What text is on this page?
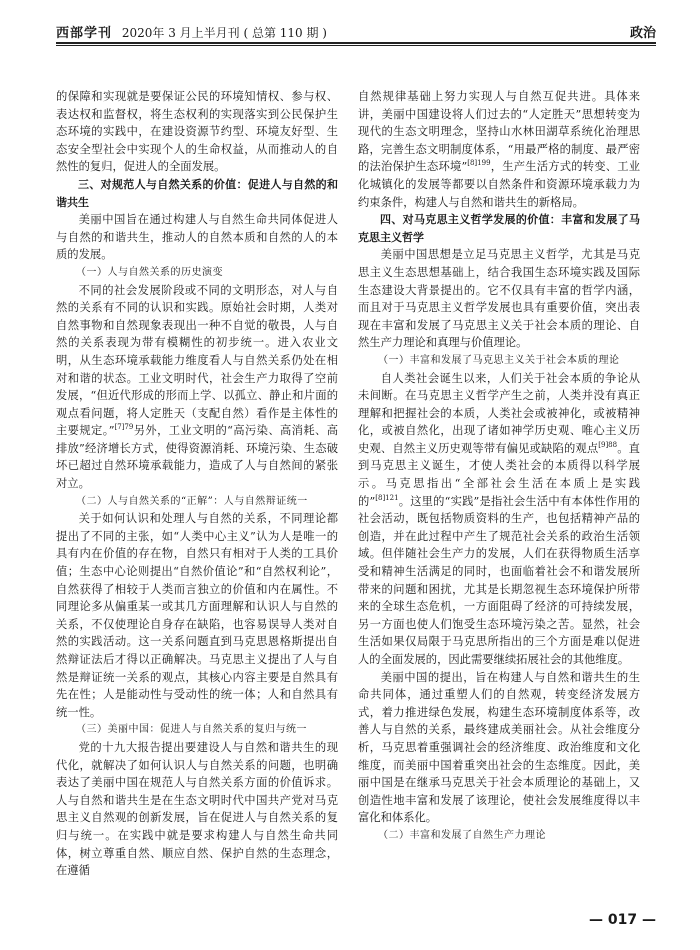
西部学刊 2020年 3 月上半月刊 ( 总第 110 期 )	政治

的保障和实现就是要保证公民的环境知情权、参与权、表达权和监督权，将生态权利的实现落实到公民保护生态环境的实践中，在建设资源节约型、环境友好型、生态安全型社会中实现个人的生命权益，从而推动人的自然性的复归，促进人的全面发展。

三、对规范人与自然关系的价值：促进人与自然的和谐共生

美丽中国旨在通过构建人与自然生命共同体促进人与自然的和谐共生，推动人的自然本质和自然的人的本质的发展。

（一）人与自然关系的历史演变

不同的社会发展阶段或不同的文明形态，对人与自然的关系有不同的认识和实践。原始社会时期，人类对自然事物和自然现象表现出一种不自觉的敬畏，人与自然的关系表现为带有模糊性的初步统一。进入农业文明，从生态环境承载能力维度看人与自然关系仍处在相对和谐的状态。工业文明时代，社会生产力取得了空前发展，“但近代形成的形而上学、以孤立、静止和片面的观点看问题，将人定胜天（支配自然）看作是主体性的主要规定。”$^{[7]79}$另外，工业文明的“高污染、高消耗、高排放”经济增长方式，使得资源消耗、环境污染、生态破坏已超过自然环境承载能力，造成了人与自然间的紧张对立。

（二）人与自然关系的“正解”：人与自然辩证统一

关于如何认识和处理人与自然的关系，不同理论都提出了不同的主张，如“人类中心主义”认为人是唯一的具有内在价值的存在物，自然只有相对于人类的工具价值；生态中心论则提出“自然价值论”和“自然权利论”，自然获得了相较于人类而言独立的价值和内在属性。不同理论多从偏重某一或其几方面理解和认识人与自然的关系，不仅使理论自身存在缺陷，也容易误导人类对自然的实践活动。这一关系问题直到马克思恩格斯提出自然辩证法后才得以正确解决。马克思主义提出了人与自然是辩证统一关系的观点，其核心内容主要是自然具有先在性；人是能动性与受动性的统一体；人和自然具有统一性。

（三）美丽中国：促进人与自然关系的复归与统一

党的十九大报告提出要建设人与自然和谐共生的现代化，就解决了如何认识人与自然关系的问题，也明确表达了美丽中国在规范人与自然关系方面的价值诉求。人与自然和谐共生是在生态文明时代中国共产党对马克思主义自然观的创新发展，旨在促进人与自然关系的复归与统一。在实践中就是要求构建人与自然生命共同体，树立尊重自然、顺应自然、保护自然的生态理念，在遵循

自然规律基础上努力实现人与自然互促共进。具体来讲，美丽中国建设将人们过去的“人定胜天”思想转变为现代的生态文明理念，坚持山水林田湖草系统化治理思路，完善生态文明制度体系，“用最严格的制度、最严密的法治保护生态环境”$^{[8]199}$，生产生活方式的转变、工业化城镇化的发展等都要以自然条件和资源环境承载力为约束条件，构建人与自然和谐共生的新格局。

四、对马克思主义哲学发展的价值：丰富和发展了马克思主义哲学

美丽中国思想是立足马克思主义哲学，尤其是马克思主义生态思想基础上，结合我国生态环境实践及国际生态建设大背景提出的。它不仅具有丰富的哲学内涵，而且对于马克思主义哲学发展也具有重要价值，突出表现在丰富和发展了马克思主义关于社会本质的理论、自然生产力理论和真理与价值理论。

（一）丰富和发展了马克思主义关于社会本质的理论

自人类社会诞生以来，人们关于社会本质的争论从未间断。在马克思主义哲学产生之前，人类并没有真正理解和把握社会的本质，人类社会或被神化，或被精神化，或被自然化，出现了诸如神学历史观、唯心主义历史观、自然主义历史观等带有偏见或缺陷的观点$^{[9]88}$。直到马克思主义诞生，才使人类社会的本质得以科学展示。马克思指出“全部社会生活在本质上是实践的”$^{[8]121}$。这里的“实践”是指社会生活中有本体性作用的社会活动，既包括物质资料的生产，也包括精神产品的创造，并在此过程中产生了规范社会关系的政治生活领域。但伴随社会生产力的发展，人们在获得物质生活享受和精神生活满足的同时，也面临着社会不和谐发展所带来的问题和困扰，尤其是长期忽视生态环境保护所带来的全球生态危机，一方面阻碍了经济的可持续发展，另一方面也使人们饱受生态环境污染之苦。显然，社会生活如果仅局限于马克思所指出的三个方面是难以促进人的全面发展的，因此需要继续拓展社会的其他维度。

美丽中国的提出，旨在构建人与自然和谐共生的生命共同体，通过重塑人们的自然观，转变经济发展方式，着力推进绿色发展，构建生态环境制度体系等，改善人与自然的关系，最终建成美丽社会。从社会维度分析，马克思着重强调社会的经济维度、政治维度和文化维度，而美丽中国着重突出社会的生态维度。因此，美丽中国是在继承马克思关于社会本质理论的基础上，又创造性地丰富和发展了该理论，使社会发展维度得以丰富化和体系化。

（二）丰富和发展了自然生产力理论

— 017 —
